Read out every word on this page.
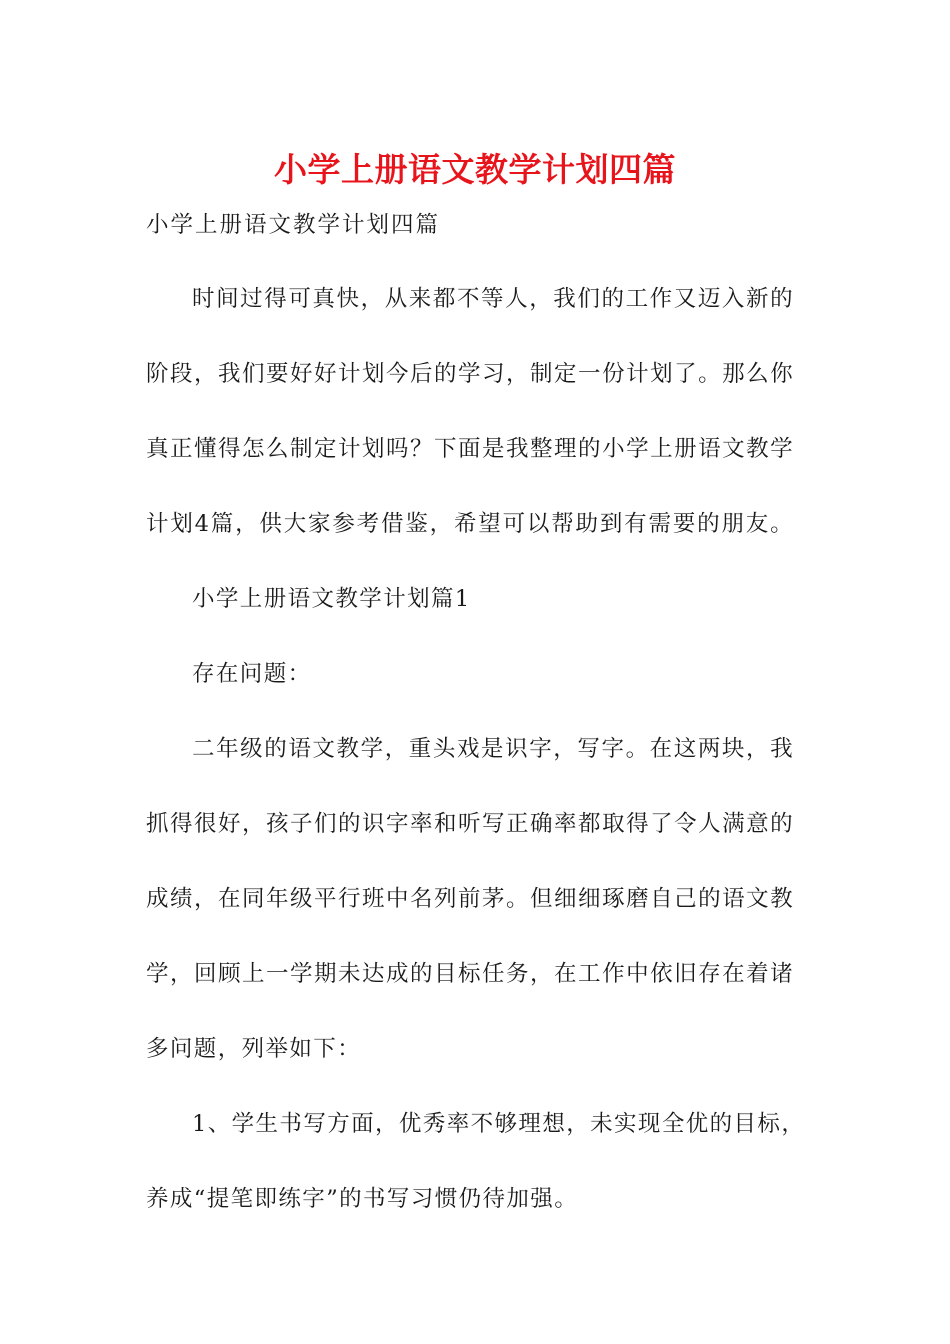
小学上册语文教学计划四篇

小学上册语文教学计划四篇

时间过得可真快，从来都不等人，我们的工作又迈入新的
阶段，我们要好好计划今后的学习，制定一份计划了。那么你
真正懂得怎么制定计划吗？下面是我整理的小学上册语文教学
计划4篇，供大家参考借鉴，希望可以帮助到有需要的朋友。
小学上册语文教学计划篇1
存在问题：
二年级的语文教学，重头戏是识字，写字。在这两块，我
抓得很好，孩子们的识字率和听写正确率都取得了令人满意的
成绩，在同年级平行班中名列前茅。但细细琢磨自己的语文教
学，回顾上一学期未达成的目标任务，在工作中依旧存在着诸
多问题，列举如下：
1、学生书写方面，优秀率不够理想，未实现全优的目标，
养成“提笔即练字”的书写习惯仍待加强。
